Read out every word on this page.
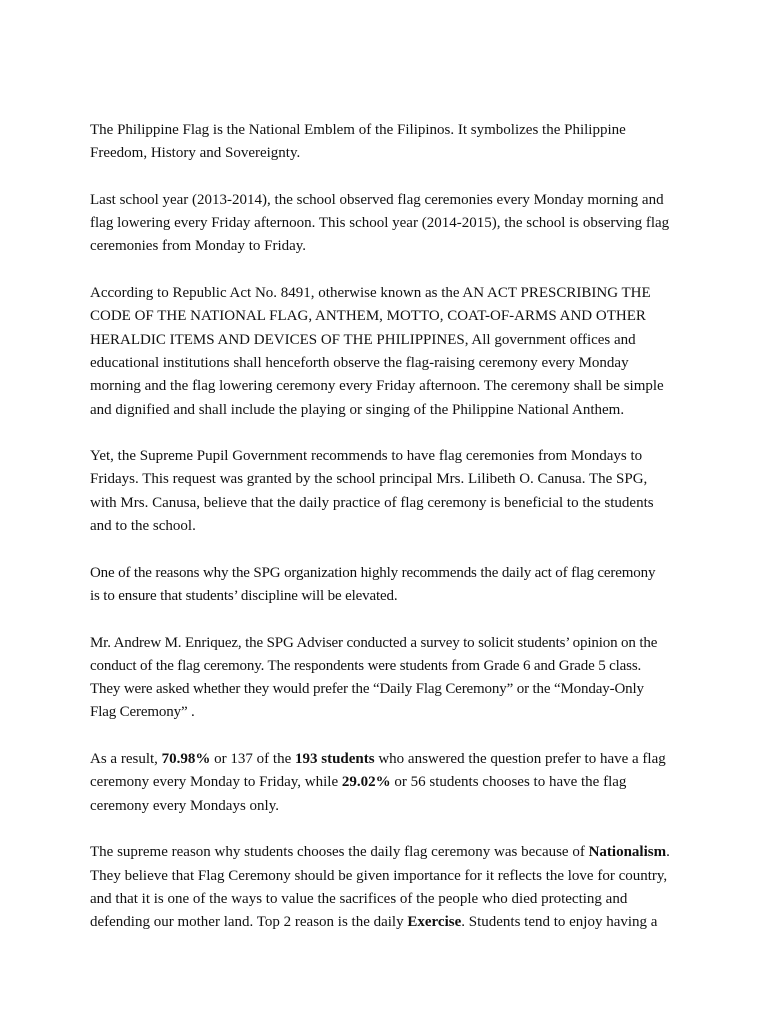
The Philippine Flag is the National Emblem of the Filipinos. It symbolizes the Philippine
Freedom, History and Sovereignty.

Last school year (2013-2014), the school observed flag ceremonies every Monday morning and
flag lowering every Friday afternoon. This school year (2014-2015), the school is observing flag
ceremonies from Monday to Friday.

According to Republic Act No. 8491, otherwise known as the AN ACT PRESCRIBING THE
CODE OF THE NATIONAL FLAG, ANTHEM, MOTTO, COAT-OF-ARMS AND OTHER
HERALDIC ITEMS AND DEVICES OF THE PHILIPPINES, All government offices and
educational institutions shall henceforth observe the flag-raising ceremony every Monday
morning and the flag lowering ceremony every Friday afternoon. The ceremony shall be simple
and dignified and shall include the playing or singing of the Philippine National Anthem.

Yet, the Supreme Pupil Government recommends to have flag ceremonies from Mondays to
Fridays. This request was granted by the school principal Mrs. Lilibeth O. Canusa. The SPG,
with Mrs. Canusa, believe that the daily practice of flag ceremony is beneficial to the students
and to the school.

One of the reasons why the SPG organization highly recommends the daily act of flag ceremony
is to ensure that students’ discipline will be elevated.

Mr. Andrew M. Enriquez, the SPG Adviser conducted a survey to solicit students’ opinion on the
conduct of the flag ceremony. The respondents were students from Grade 6 and Grade 5 class.
They were asked whether they would prefer the “Daily Flag Ceremony” or the “Monday-Only
Flag Ceremony” .

As a result, 70.98% or 137 of the 193 students who answered the question prefer to have a flag
ceremony every Monday to Friday, while 29.02% or 56 students chooses to have the flag
ceremony every Mondays only.

The supreme reason why students chooses the daily flag ceremony was because of Nationalism.
They believe that Flag Ceremony should be given importance for it reflects the love for country,
and that it is one of the ways to value the sacrifices of the people who died protecting and
defending our mother land. Top 2 reason is the daily Exercise. Students tend to enjoy having a
